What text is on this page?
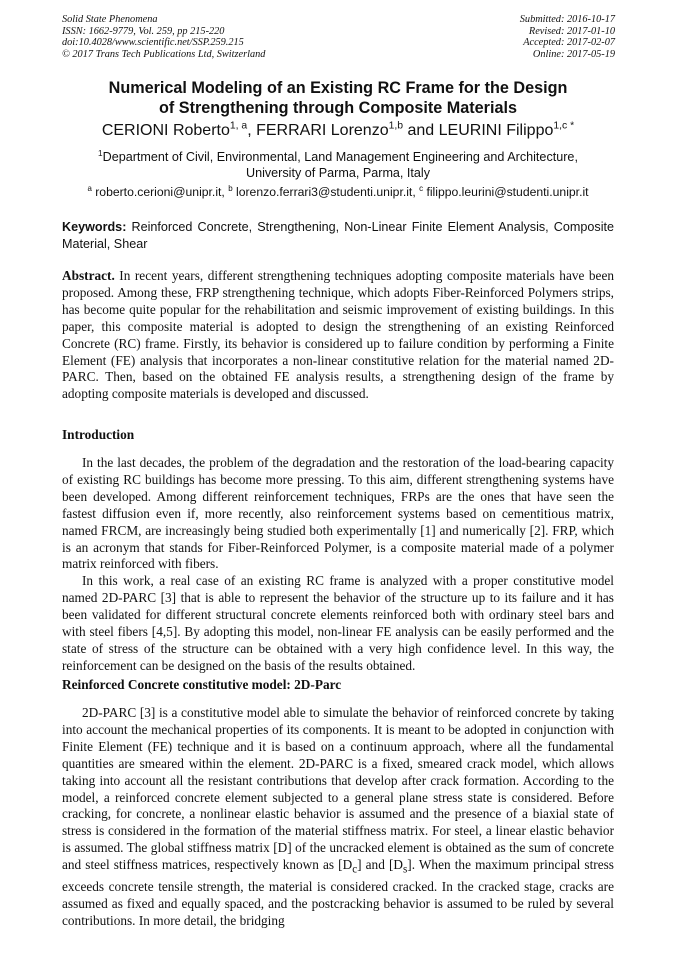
Solid State Phenomena
ISSN: 1662-9779, Vol. 259, pp 215-220
doi:10.4028/www.scientific.net/SSP.259.215
© 2017 Trans Tech Publications Ltd, Switzerland
Submitted: 2016-10-17
Revised: 2017-01-10
Accepted: 2017-02-07
Online: 2017-05-19
Numerical Modeling of an Existing RC Frame for the Design
of Strengthening through Composite Materials
CERIONI Roberto$^{1, a}$, FERRARI Lorenzo$^{1,b}$ and LEURINI Filippo$^{1,c *}$
$^1$Department of Civil, Environmental, Land Management Engineering and Architecture,
University of Parma, Parma, Italy
$^a$ roberto.cerioni@unipr.it, $^b$ lorenzo.ferrari3@studenti.unipr.it, $^c$ filippo.leurini@studenti.unipr.it
Keywords: Reinforced Concrete, Strengthening, Non-Linear Finite Element Analysis, Composite Material, Shear

Abstract. In recent years, different strengthening techniques adopting composite materials have been proposed. Among these, FRP strengthening technique, which adopts Fiber-Reinforced Polymers strips, has become quite popular for the rehabilitation and seismic improvement of existing buildings. In this paper, this composite material is adopted to design the strengthening of an existing Reinforced Concrete (RC) frame. Firstly, its behavior is considered up to failure condition by performing a Finite Element (FE) analysis that incorporates a non-linear constitutive relation for the material named 2D-PARC. Then, based on the obtained FE analysis results, a strengthening design of the frame by adopting composite materials is developed and discussed.

Introduction

In the last decades, the problem of the degradation and the restoration of the load-bearing capacity of existing RC buildings has become more pressing. To this aim, different strengthening systems have been developed. Among different reinforcement techniques, FRPs are the ones that have seen the fastest diffusion even if, more recently, also reinforcement systems based on cementitious matrix, named FRCM, are increasingly being studied both experimentally [1] and numerically [2]. FRP, which is an acronym that stands for Fiber-Reinforced Polymer, is a composite material made of a polymer matrix reinforced with fibers.

In this work, a real case of an existing RC frame is analyzed with a proper constitutive model named 2D-PARC [3] that is able to represent the behavior of the structure up to its failure and it has been validated for different structural concrete elements reinforced both with ordinary steel bars and with steel fibers [4,5]. By adopting this model, non-linear FE analysis can be easily performed and the state of stress of the structure can be obtained with a very high confidence level. In this way, the reinforcement can be designed on the basis of the results obtained.

Reinforced Concrete constitutive model: 2D-Parc

2D-PARC [3] is a constitutive model able to simulate the behavior of reinforced concrete by taking into account the mechanical properties of its components. It is meant to be adopted in conjunction with Finite Element (FE) technique and it is based on a continuum approach, where all the fundamental quantities are smeared within the element. 2D-PARC is a fixed, smeared crack model, which allows taking into account all the resistant contributions that develop after crack formation. According to the model, a reinforced concrete element subjected to a general plane stress state is considered. Before cracking, for concrete, a nonlinear elastic behavior is assumed and the presence of a biaxial state of stress is considered in the formation of the material stiffness matrix. For steel, a linear elastic behavior is assumed. The global stiffness matrix [D] of the uncracked element is obtained as the sum of concrete and steel stiffness matrices, respectively known as $[D_c]$ and $[D_s]$. When the maximum principal stress exceeds concrete tensile strength, the material is considered cracked. In the cracked stage, cracks are assumed as fixed and equally spaced, and the postcracking behavior is assumed to be ruled by several contributions. In more detail, the bridging
